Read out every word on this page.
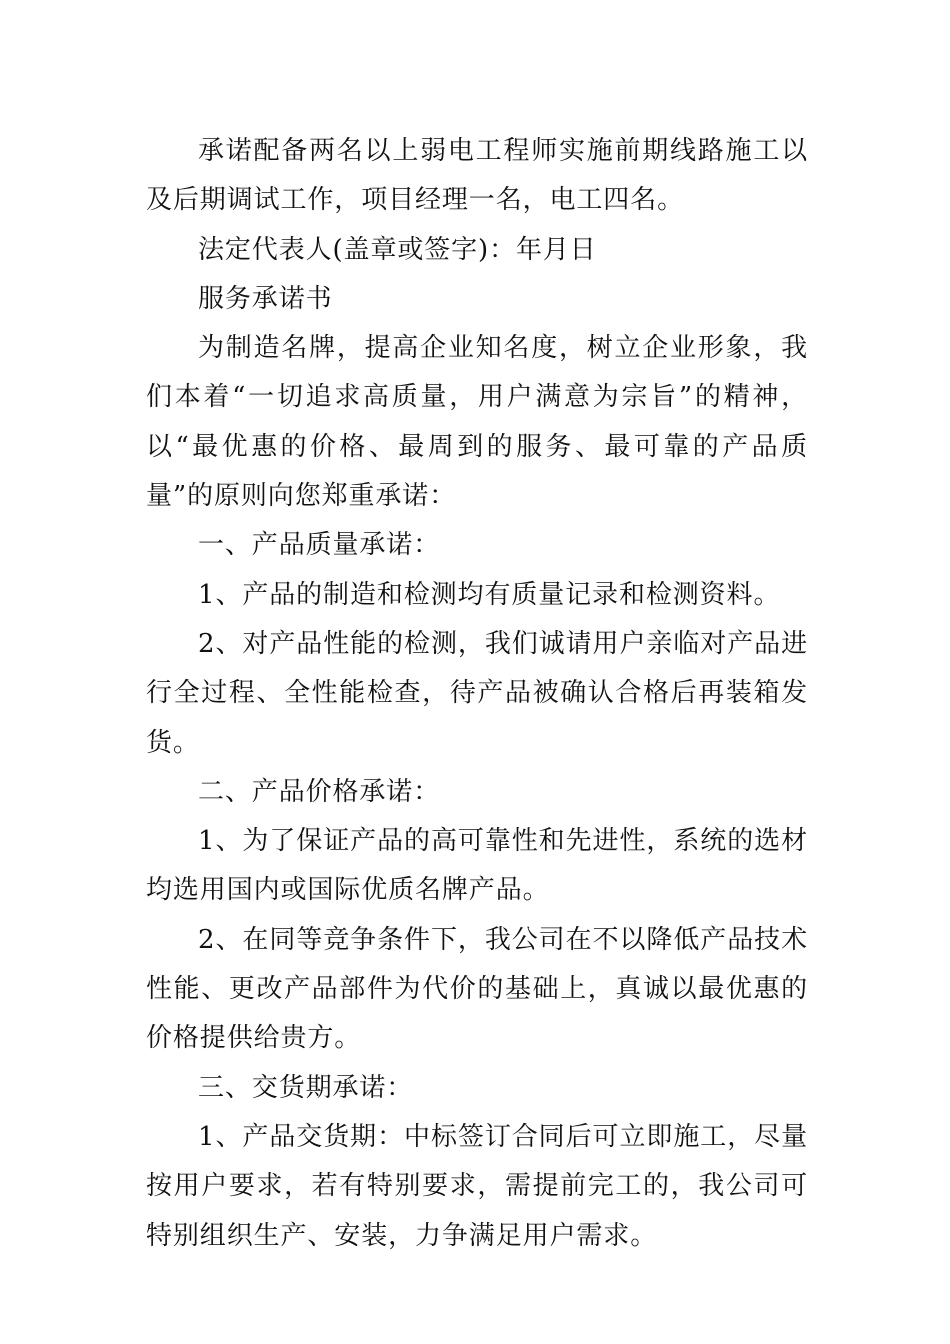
承诺配备两名以上弱电工程师实施前期线路施工以及后期调试工作，项目经理一名，电工四名。

法定代表人(盖章或签字)：年月日

服务承诺书

为制造名牌，提高企业知名度，树立企业形象，我们本着“一切追求高质量，用户满意为宗旨”的精神，以“最优惠的价格、最周到的服务、最可靠的产品质量”的原则向您郑重承诺：

一、产品质量承诺：

1、产品的制造和检测均有质量记录和检测资料。

2、对产品性能的检测，我们诚请用户亲临对产品进行全过程、全性能检查，待产品被确认合格后再装箱发货。

二、产品价格承诺：

1、为了保证产品的高可靠性和先进性，系统的选材均选用国内或国际优质名牌产品。

2、在同等竞争条件下，我公司在不以降低产品技术性能、更改产品部件为代价的基础上，真诚以最优惠的价格提供给贵方。

三、交货期承诺：

1、产品交货期：中标签订合同后可立即施工，尽量按用户要求，若有特别要求，需提前完工的，我公司可特别组织生产、安装，力争满足用户需求。
